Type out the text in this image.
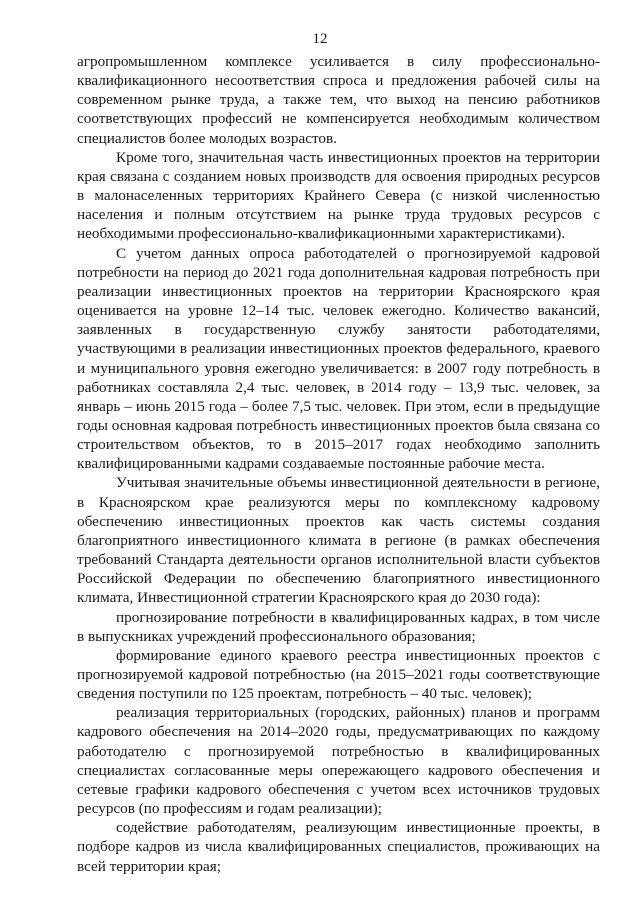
12

агропромышленном комплексе усиливается в силу профессионально-квалификационного несоответствия спроса и предложения рабочей силы на современном рынке труда, а также тем, что выход на пенсию работников соответствующих профессий не компенсируется необходимым количеством специалистов более молодых возрастов.

Кроме того, значительная часть инвестиционных проектов на территории края связана с созданием новых производств для освоения природных ресурсов в малонаселенных территориях Крайнего Севера (с низкой численностью населения и полным отсутствием на рынке труда трудовых ресурсов с необходимыми профессионально-квалификационными характеристиками).

С учетом данных опроса работодателей о прогнозируемой кадровой потребности на период до 2021 года дополнительная кадровая потребность при реализации инвестиционных проектов на территории Красноярского края оценивается на уровне 12–14 тыс. человек ежегодно. Количество вакансий, заявленных в государственную службу занятости работодателями, участвующими в реализации инвестиционных проектов федерального, краевого и муниципального уровня ежегодно увеличивается: в 2007 году потребность в работниках составляла 2,4 тыс. человек, в 2014 году – 13,9 тыс. человек, за январь – июнь 2015 года – более 7,5 тыс. человек. При этом, если в предыдущие годы основная кадровая потребность инвестиционных проектов была связана со строительством объектов, то в 2015–2017 годах необходимо заполнить квалифицированными кадрами создаваемые постоянные рабочие места.

Учитывая значительные объемы инвестиционной деятельности в регионе, в Красноярском крае реализуются меры по комплексному кадровому обеспечению инвестиционных проектов как часть системы создания благоприятного инвестиционного климата в регионе (в рамках обеспечения требований Стандарта деятельности органов исполнительной власти субъектов Российской Федерации по обеспечению благоприятного инвестиционного климата, Инвестиционной стратегии Красноярского края до 2030 года):

прогнозирование потребности в квалифицированных кадрах, в том числе в выпускниках учреждений профессионального образования;

формирование единого краевого реестра инвестиционных проектов с прогнозируемой кадровой потребностью (на 2015–2021 годы соответствующие сведения поступили по 125 проектам, потребность – 40 тыс. человек);

реализация территориальных (городских, районных) планов и программ кадрового обеспечения на 2014–2020 годы, предусматривающих по каждому работодателю с прогнозируемой потребностью в квалифицированных специалистах согласованные меры опережающего кадрового обеспечения и сетевые графики кадрового обеспечения с учетом всех источников трудовых ресурсов (по профессиям и годам реализации);

содействие работодателям, реализующим инвестиционные проекты, в подборе кадров из числа квалифицированных специалистов, проживающих на всей территории края;
